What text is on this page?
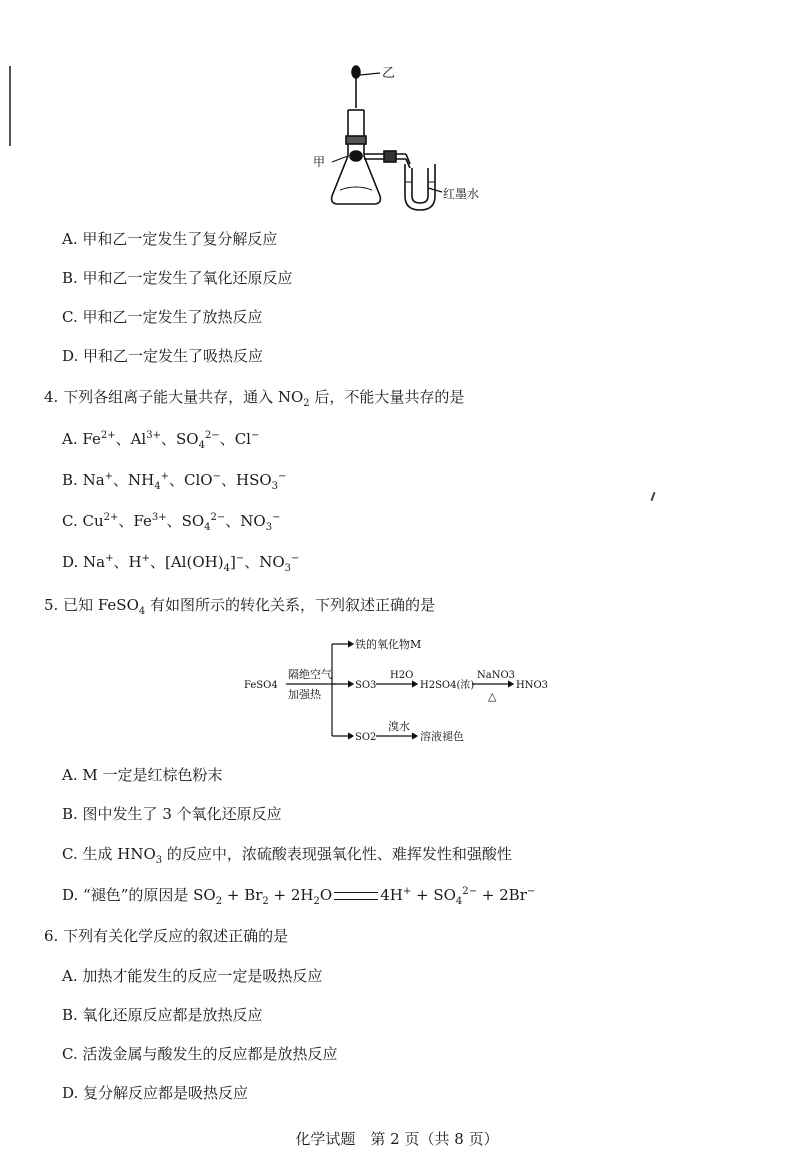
乙
甲
红墨水
A. 甲和乙一定发生了复分解反应
B. 甲和乙一定发生了氧化还原反应
C. 甲和乙一定发生了放热反应
D. 甲和乙一定发生了吸热反应
4. 下列各组离子能大量共存，通入 $NO_2$ 后，不能大量共存的是
A. $Fe^{2+}$、$Al^{3+}$、$SO_4^{2-}$、Cl−
B. Na+、$NH_4^+$、ClO−、$HSO_3^-$
C. $Cu^{2+}$、$Fe^{3+}$、$SO_4^{2-}$、$NO_3^-$
D. Na+、H+、$[Al(OH)_4]^-$、$NO_3^-$
5. 已知 FeSO$_4$ 有如图所示的转化关系，下列叙述正确的是
FeSO4
隔绝空气
加强热
铁的氧化物M
SO3
H2O
H2SO4(浓)
NaNO3
△
HNO3
SO2
溴水
溶液褪色
A. M 一定是红棕色粉末
B. 图中发生了 3 个氧化还原反应
C. 生成 $HNO_3$ 的反应中，浓硫酸表现强氧化性、难挥发性和强酸性
D. “褪色”的原因是 $SO_2 + Br_2 + 2H_2O$	$4H^+ + SO_4^{2-} + 2Br^-$
6. 下列有关化学反应的叙述正确的是
A. 加热才能发生的反应一定是吸热反应
B. 氧化还原反应都是放热反应
C. 活泼金属与酸发生的反应都是放热反应
D. 复分解反应都是吸热反应
化学试题　第 2 页（共 8 页）
